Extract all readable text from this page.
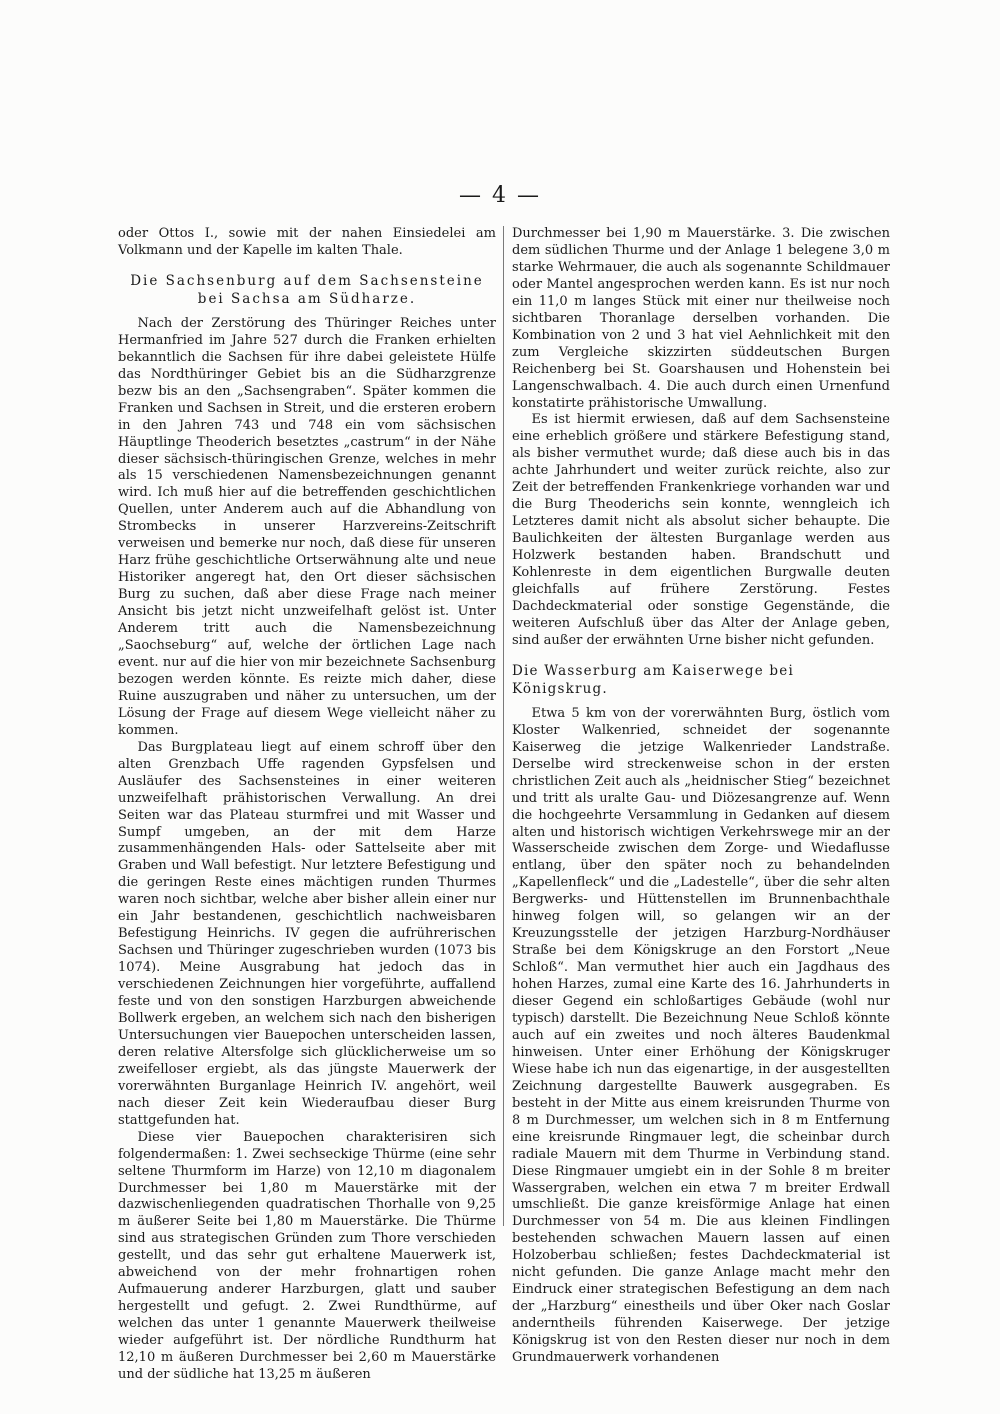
— 4 —

oder Ottos I., sowie mit der nahen Einsiedelei am Volkmann und der Kapelle im kalten Thale.

Die Sachsenburg auf dem Sachsensteine bei Sachsa am Südharze.

Nach der Zerstörung des Thüringer Reiches unter Hermanfried im Jahre 527 durch die Franken erhielten bekanntlich die Sachsen für ihre dabei geleistete Hülfe das Nordthüringer Gebiet bis an die Südharzgrenze bezw bis an den „Sachsengraben“. Später kommen die Franken und Sachsen in Streit, und die ersteren erobern in den Jahren 743 und 748 ein vom sächsischen Häuptlinge Theoderich besetztes „castrum“ in der Nähe dieser sächsisch-thüringischen Grenze, welches in mehr als 15 verschiedenen Namensbezeichnungen genannt wird. Ich muß hier auf die betreffenden geschichtlichen Quellen, unter Anderem auch auf die Abhandlung von Strombecks in unserer Harzvereins-Zeitschrift verweisen und bemerke nur noch, daß diese für unseren Harz frühe geschichtliche Ortserwähnung alte und neue Historiker angeregt hat, den Ort dieser sächsischen Burg zu suchen, daß aber diese Frage nach meiner Ansicht bis jetzt nicht unzweifelhaft gelöst ist. Unter Anderem tritt auch die Namensbezeichnung „Saochseburg“ auf, welche der örtlichen Lage nach event. nur auf die hier von mir bezeichnete Sachsenburg bezogen werden könnte. Es reizte mich daher, diese Ruine auszugraben und näher zu untersuchen, um der Lösung der Frage auf diesem Wege vielleicht näher zu kommen.

Das Burgplateau liegt auf einem schroff über den alten Grenzbach Uffe ragenden Gypsfelsen und Ausläufer des Sachsensteines in einer weiteren unzweifelhaft prähistorischen Verwallung. An drei Seiten war das Plateau sturmfrei und mit Wasser und Sumpf umgeben, an der mit dem Harze zusammenhängenden Hals- oder Sattelseite aber mit Graben und Wall befestigt. Nur letztere Befestigung und die geringen Reste eines mächtigen runden Thurmes waren noch sichtbar, welche aber bisher allein einer nur ein Jahr bestandenen, geschichtlich nachweisbaren Befestigung Heinrichs. IV gegen die aufrührerischen Sachsen und Thüringer zugeschrieben wurden (1073 bis 1074). Meine Ausgrabung hat jedoch das in verschiedenen Zeichnungen hier vorgeführte, auffallend feste und von den sonstigen Harzburgen abweichende Bollwerk ergeben, an welchem sich nach den bisherigen Untersuchungen vier Bauepochen unterscheiden lassen, deren relative Altersfolge sich glücklicherweise um so zweifelloser ergiebt, als das jüngste Mauerwerk der vorerwähnten Burganlage Heinrich IV. angehört, weil nach dieser Zeit kein Wiederaufbau dieser Burg stattgefunden hat.

Diese vier Bauepochen charakterisiren sich folgendermaßen: 1. Zwei sechseckige Thürme (eine sehr seltene Thurmform im Harze) von 12,10 m diagonalem Durchmesser bei 1,80 m Mauerstärke mit der dazwischenliegenden quadratischen Thorhalle von 9,25 m äußerer Seite bei 1,80 m Mauerstärke. Die Thürme sind aus strategischen Gründen zum Thore verschieden gestellt, und das sehr gut erhaltene Mauerwerk ist, abweichend von der mehr frohnartigen rohen Aufmauerung anderer Harzburgen, glatt und sauber hergestellt und gefugt. 2. Zwei Rundthürme, auf welchen das unter 1 genannte Mauerwerk theilweise wieder aufgeführt ist. Der nördliche Rundthurm hat 12,10 m äußeren Durchmesser bei 2,60 m Mauerstärke und der südliche hat 13,25 m äußeren

Durchmesser bei 1,90 m Mauerstärke. 3. Die zwischen dem südlichen Thurme und der Anlage 1 belegene 3,0 m starke Wehrmauer, die auch als sogenannte Schildmauer oder Mantel angesprochen werden kann. Es ist nur noch ein 11,0 m langes Stück mit einer nur theilweise noch sichtbaren Thoranlage derselben vorhanden. Die Kombination von 2 und 3 hat viel Aehnlichkeit mit den zum Vergleiche skizzirten süddeutschen Burgen Reichenberg bei St. Goarshausen und Hohenstein bei Langenschwalbach. 4. Die auch durch einen Urnenfund konstatirte prähistorische Umwallung.

Es ist hiermit erwiesen, daß auf dem Sachsensteine eine erheblich größere und stärkere Befestigung stand, als bisher vermuthet wurde; daß diese auch bis in das achte Jahrhundert und weiter zurück reichte, also zur Zeit der betreffenden Frankenkriege vorhanden war und die Burg Theoderichs sein konnte, wenngleich ich Letzteres damit nicht als absolut sicher behaupte. Die Baulichkeiten der ältesten Burganlage werden aus Holzwerk bestanden haben. Brandschutt und Kohlenreste in dem eigentlichen Burgwalle deuten gleichfalls auf frühere Zerstörung. Festes Dachdeckmaterial oder sonstige Gegenstände, die weiteren Aufschluß über das Alter der Anlage geben, sind außer der erwähnten Urne bisher nicht gefunden.

Die Wasserburg am Kaiserwege bei Königskrug.

Etwa 5 km von der vorerwähnten Burg, östlich vom Kloster Walkenried, schneidet der sogenannte Kaiserweg die jetzige Walkenrieder Landstraße. Derselbe wird streckenweise schon in der ersten christlichen Zeit auch als „heidnischer Stieg“ bezeichnet und tritt als uralte Gau- und Diözesangrenze auf. Wenn die hochgeehrte Versammlung in Gedanken auf diesem alten und historisch wichtigen Verkehrswege mir an der Wasserscheide zwischen dem Zorge- und Wiedaflusse entlang, über den später noch zu behandelnden „Kapellenfleck“ und die „Ladestelle“, über die sehr alten Bergwerks- und Hüttenstellen im Brunnenbachthale hinweg folgen will, so gelangen wir an der Kreuzungsstelle der jetzigen Harzburg-Nordhäuser Straße bei dem Königskruge an den Forstort „Neue Schloß“. Man vermuthet hier auch ein Jagdhaus des hohen Harzes, zumal eine Karte des 16. Jahrhunderts in dieser Gegend ein schloßartiges Gebäude (wohl nur typisch) darstellt. Die Bezeichnung Neue Schloß könnte auch auf ein zweites und noch älteres Baudenkmal hinweisen. Unter einer Erhöhung der Königskruger Wiese habe ich nun das eigenartige, in der ausgestellten Zeichnung dargestellte Bauwerk ausgegraben. Es besteht in der Mitte aus einem kreisrunden Thurme von 8 m Durchmesser, um welchen sich in 8 m Entfernung eine kreisrunde Ringmauer legt, die scheinbar durch radiale Mauern mit dem Thurme in Verbindung stand. Diese Ringmauer umgiebt ein in der Sohle 8 m breiter Wassergraben, welchen ein etwa 7 m breiter Erdwall umschließt. Die ganze kreisförmige Anlage hat einen Durchmesser von 54 m. Die aus kleinen Findlingen bestehenden schwachen Mauern lassen auf einen Holzoberbau schließen; festes Dachdeckmaterial ist nicht gefunden. Die ganze Anlage macht mehr den Eindruck einer strategischen Befestigung an dem nach der „Harzburg“ einestheils und über Oker nach Goslar anderntheils führenden Kaiserwege. Der jetzige Königskrug ist von den Resten dieser nur noch in dem Grundmauerwerk vorhandenen
